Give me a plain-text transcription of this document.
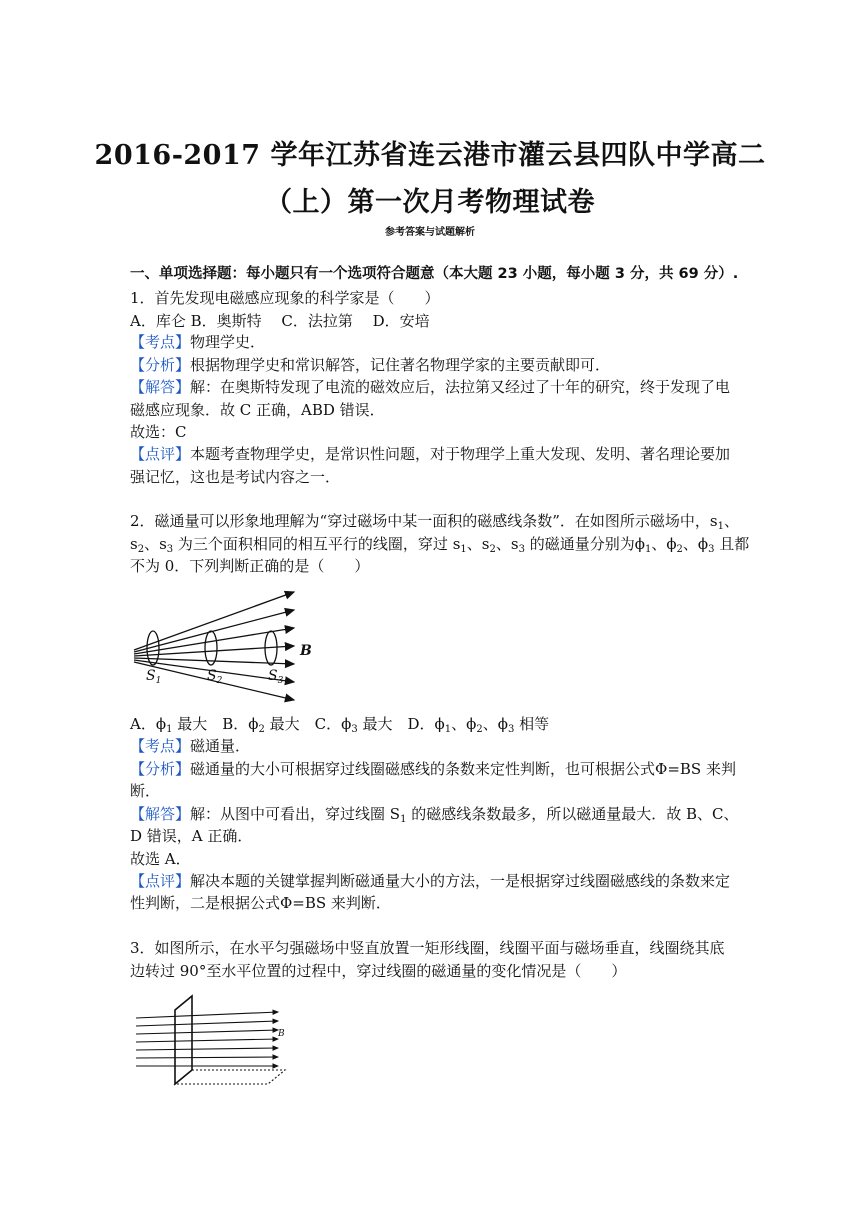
2016-2017 学年江苏省连云港市灌云县四队中学高二
（上）第一次月考物理试卷
参考答案与试题解析
一、单项选择题：每小题只有一个选项符合题意（本大题 23 小题，每小题 3 分，共 69 分）.
1．首先发现电磁感应现象的科学家是（　　）
A．库仑 B．奥斯特　 C．法拉第　 D．安培
【考点】物理学史．
【分析】根据物理学史和常识解答，记住著名物理学家的主要贡献即可．
【解答】解：在奥斯特发现了电流的磁效应后，法拉第又经过了十年的研究，终于发现了电
磁感应现象．故 C 正确，ABD 错误．
故选：C
【点评】本题考查物理学史，是常识性问题，对于物理学上重大发现、发明、著名理论要加
强记忆，这也是考试内容之一．
2．磁通量可以形象地理解为“穿过磁场中某一面积的磁感线条数”．在如图所示磁场中，$s_1$、
$s_2$、$s_3$ 为三个面积相同的相互平行的线圈，穿过 $s_1$、$s_2$、$s_3$ 的磁通量分别为$\phi_1$、$\phi_2$、$\phi_3$ 且都
不为 0．下列判断正确的是（　　）
$S_1$	$S_2$	$S_3$
B
A．$\phi_1$ 最大　B．$\phi_2$ 最大　C．$\phi_3$ 最大　D．$\phi_1$、$\phi_2$、$\phi_3$ 相等
【考点】磁通量．
【分析】磁通量的大小可根据穿过线圈磁感线的条数来定性判断，也可根据公式Φ=BS 来判
断．
【解答】解：从图中可看出，穿过线圈 $S_1$ 的磁感线条数最多，所以磁通量最大．故 B、C、
D 错误，A 正确．
故选 A．
【点评】解决本题的关键掌握判断磁通量大小的方法，一是根据穿过线圈磁感线的条数来定
性判断，二是根据公式Φ=BS 来判断．
3．如图所示，在水平匀强磁场中竖直放置一矩形线圈，线圈平面与磁场垂直，线圈绕其底
边转过 90°至水平位置的过程中，穿过线圈的磁通量的变化情况是（　　）
B
